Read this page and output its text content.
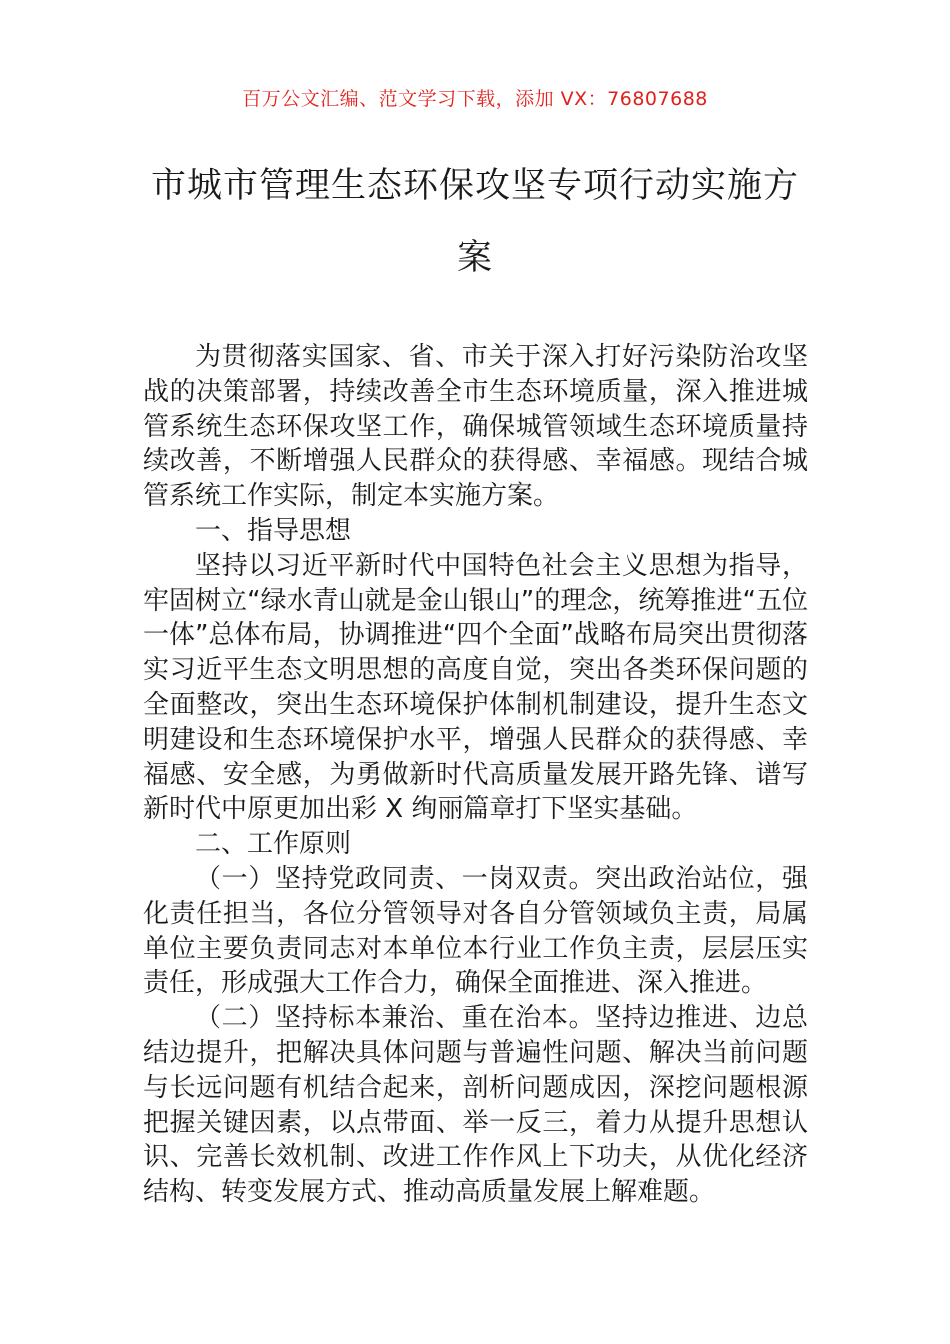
百万公文汇编、范文学习下载，添加 VX：76807688
市城市管理生态环保攻坚专项行动实施方案

为贯彻落实国家、省、市关于深入打好污染防治攻坚战的决策部署，持续改善全市生态环境质量，深入推进城管系统生态环保攻坚工作，确保城管领域生态环境质量持续改善，不断增强人民群众的获得感、幸福感。现结合城管系统工作实际，制定本实施方案。

一、指导思想

坚持以习近平新时代中国特色社会主义思想为指导，牢固树立“绿水青山就是金山银山”的理念，统筹推进“五位一体”总体布局，协调推进“四个全面”战略布局突出贯彻落实习近平生态文明思想的高度自觉，突出各类环保问题的全面整改，突出生态环境保护体制机制建设，提升生态文明建设和生态环境保护水平，增强人民群众的获得感、幸福感、安全感，为勇做新时代高质量发展开路先锋、谱写新时代中原更加出彩 X 绚丽篇章打下坚实基础。

二、工作原则

（一）坚持党政同责、一岗双责。突出政治站位，强化责任担当，各位分管领导对各自分管领域负主责，局属单位主要负责同志对本单位本行业工作负主责，层层压实责任，形成强大工作合力，确保全面推进、深入推进。

（二）坚持标本兼治、重在治本。坚持边推进、边总结边提升，把解决具体问题与普遍性问题、解决当前问题与长远问题有机结合起来，剖析问题成因，深挖问题根源把握关键因素，以点带面、举一反三，着力从提升思想认识、完善长效机制、改进工作作风上下功夫，从优化经济结构、转变发展方式、推动高质量发展上解难题。
